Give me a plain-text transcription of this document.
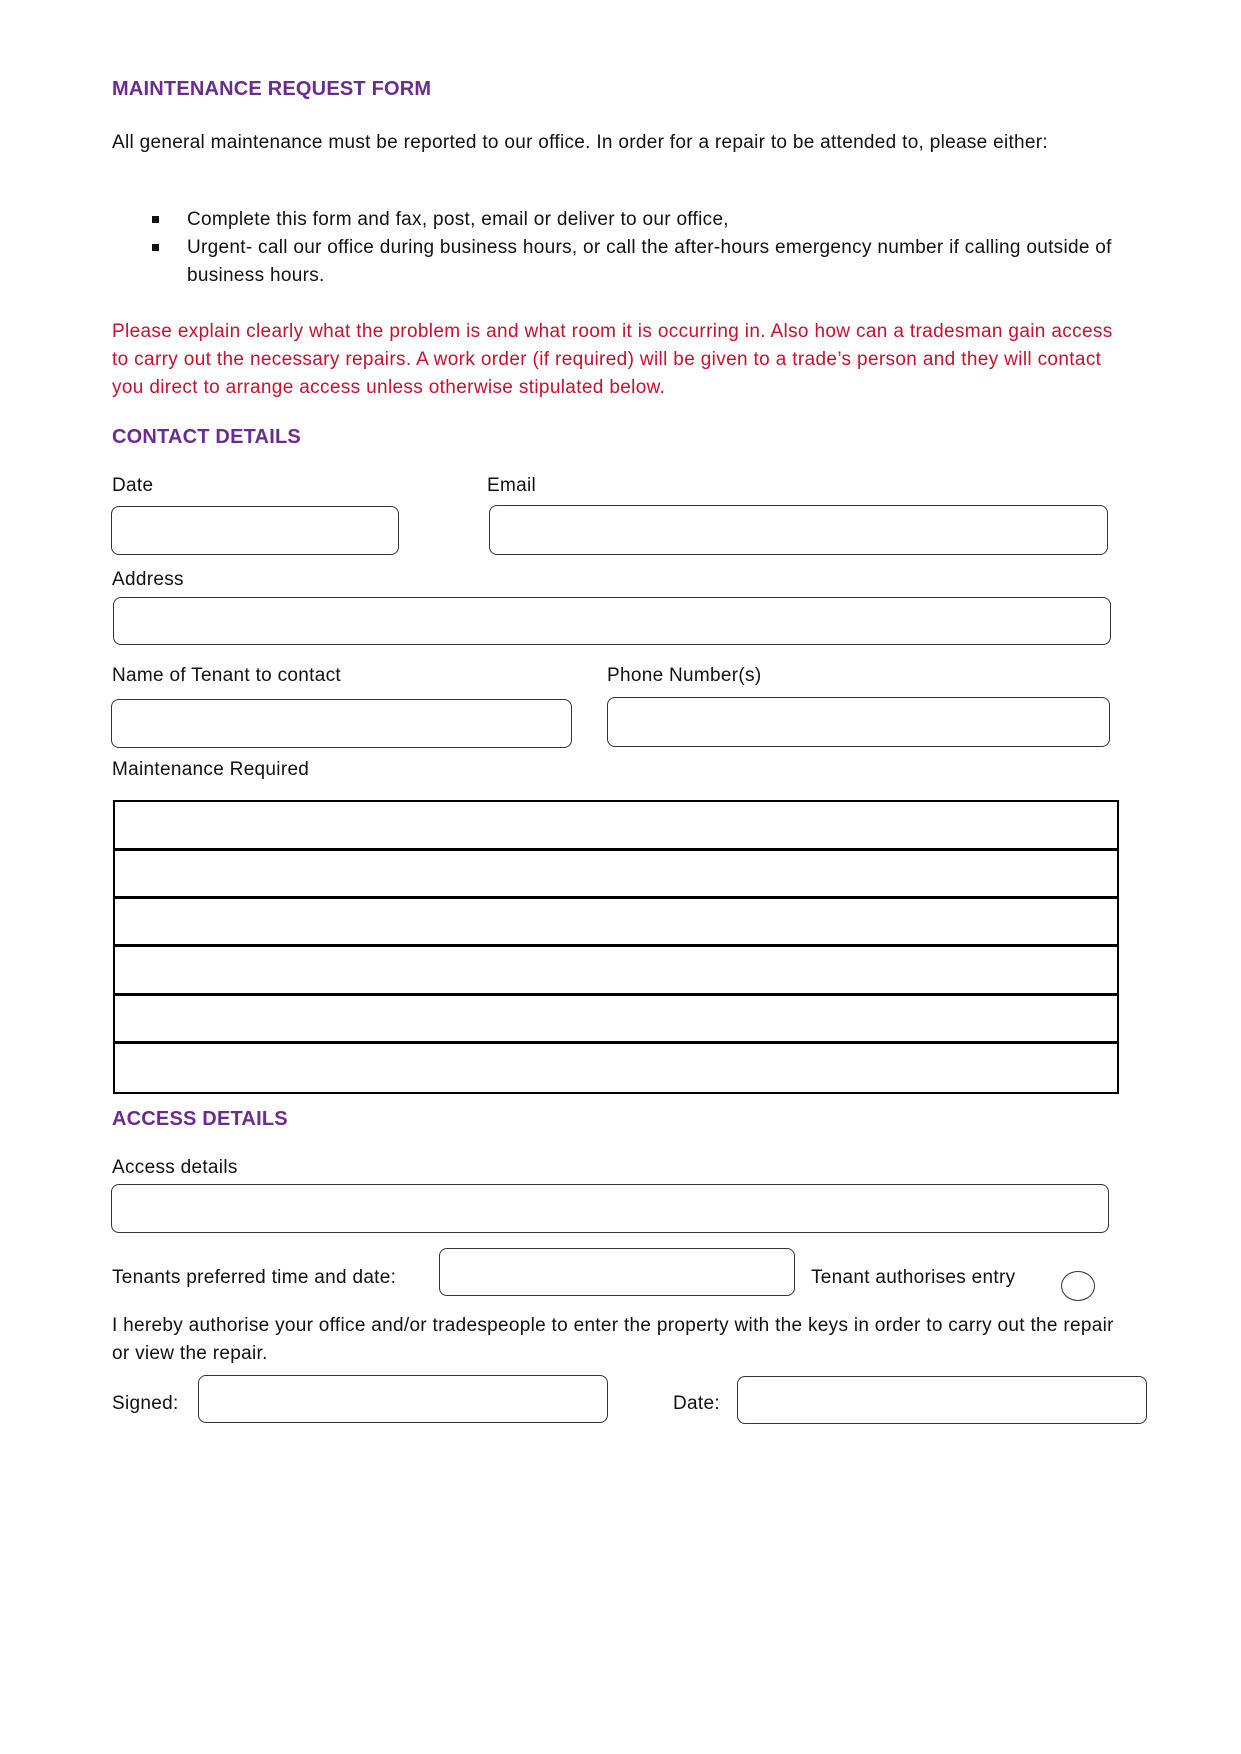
MAINTENANCE REQUEST FORM
All general maintenance must be reported to our office. In order for a repair to be attended to, please either:
Complete this form and fax, post, email or deliver to our office,
Urgent- call our office during business hours, or call the after-hours emergency number if calling outside of business hours.
Please explain clearly what the problem is and what room it is occurring in. Also how can a tradesman gain access to carry out the necessary repairs. A work order (if required) will be given to a trade’s person and they will contact you direct to arrange access unless otherwise stipulated below.
CONTACT DETAILS
Date	Email
Address
Name of Tenant to contact	Phone Number(s)
Maintenance Required
ACCESS DETAILS
Access details
Tenants preferred time and date:	Tenant authorises entry
I hereby authorise your office and/or tradespeople to enter the property with the keys in order to carry out the repair or view the repair.
Signed:	Date:
